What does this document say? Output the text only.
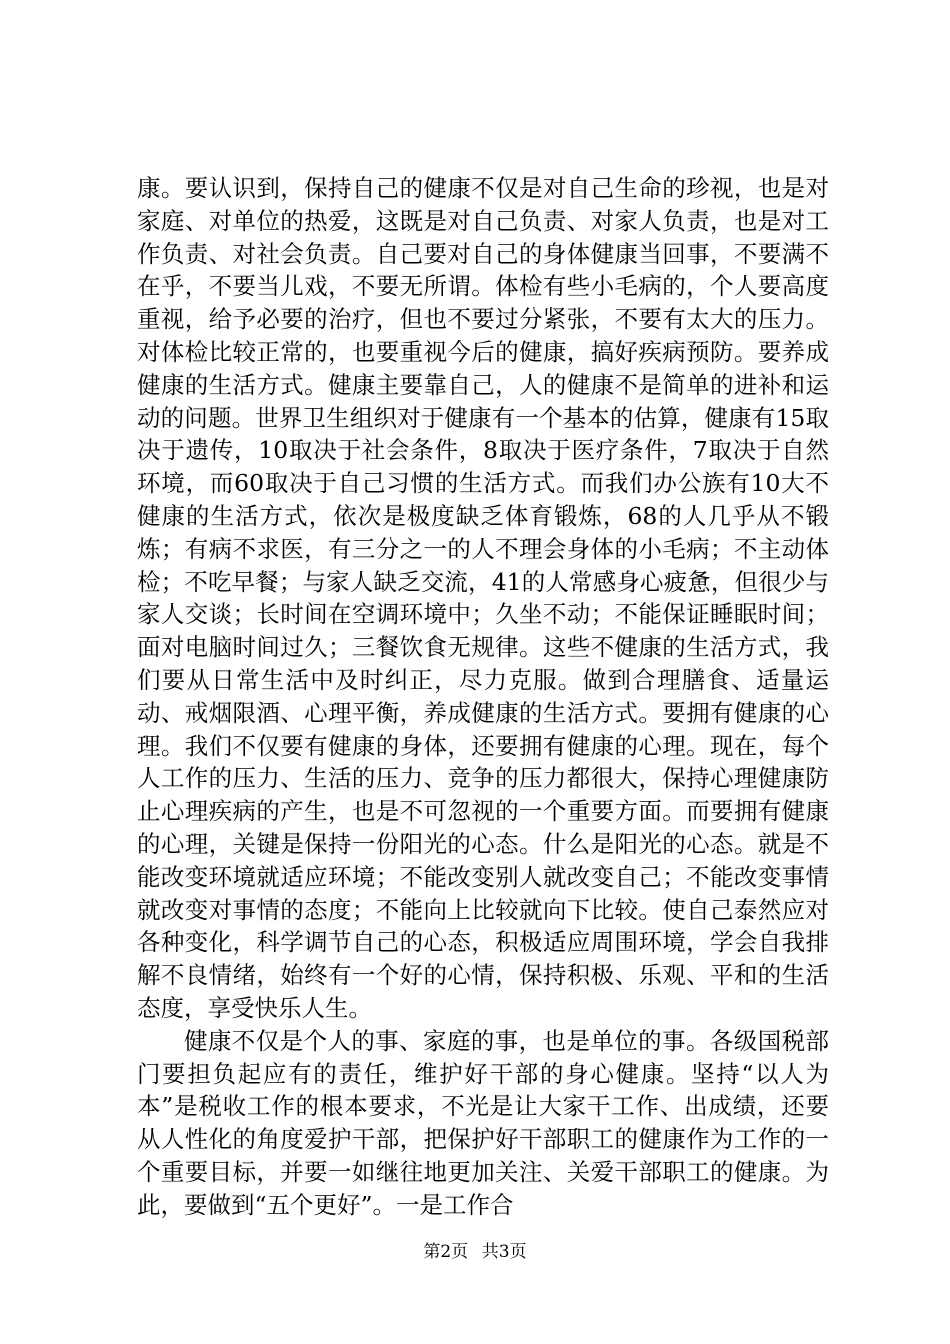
康。要认识到，保持自己的健康不仅是对自己生命的珍视，也是对家庭、对单位的热爱，这既是对自己负责、对家人负责，也是对工作负责、对社会负责。自己要对自己的身体健康当回事，不要满不在乎，不要当儿戏，不要无所谓。体检有些小毛病的，个人要高度重视，给予必要的治疗，但也不要过分紧张，不要有太大的压力。对体检比较正常的，也要重视今后的健康，搞好疾病预防。要养成健康的生活方式。健康主要靠自己，人的健康不是简单的进补和运动的问题。世界卫生组织对于健康有一个基本的估算，健康有15取决于遗传，10取决于社会条件，8取决于医疗条件，7取决于自然环境，而60取决于自己习惯的生活方式。而我们办公族有10大不健康的生活方式，依次是极度缺乏体育锻炼，68的人几乎从不锻炼；有病不求医，有三分之一的人不理会身体的小毛病；不主动体检；不吃早餐；与家人缺乏交流，41的人常感身心疲惫，但很少与家人交谈；长时间在空调环境中；久坐不动；不能保证睡眠时间；面对电脑时间过久；三餐饮食无规律。这些不健康的生活方式，我们要从日常生活中及时纠正，尽力克服。做到合理膳食、适量运动、戒烟限酒、心理平衡，养成健康的生活方式。要拥有健康的心理。我们不仅要有健康的身体，还要拥有健康的心理。现在，每个人工作的压力、生活的压力、竞争的压力都很大，保持心理健康防止心理疾病的产生，也是不可忽视的一个重要方面。而要拥有健康的心理，关键是保持一份阳光的心态。什么是阳光的心态。就是不能改变环境就适应环境；不能改变别人就改变自己；不能改变事情就改变对事情的态度；不能向上比较就向下比较。使自己泰然应对各种变化，科学调节自己的心态，积极适应周围环境，学会自我排解不良情绪，始终有一个好的心情，保持积极、乐观、平和的生活态度，享受快乐人生。

健康不仅是个人的事、家庭的事，也是单位的事。各级国税部门要担负起应有的责任，维护好干部的身心健康。坚持“以人为本”是税收工作的根本要求，不光是让大家干工作、出成绩，还要从人性化的角度爱护干部，把保护好干部职工的健康作为工作的一个重要目标，并要一如继往地更加关注、关爱干部职工的健康。为此，要做到“五个更好”。一是工作合

第2页 共3页
